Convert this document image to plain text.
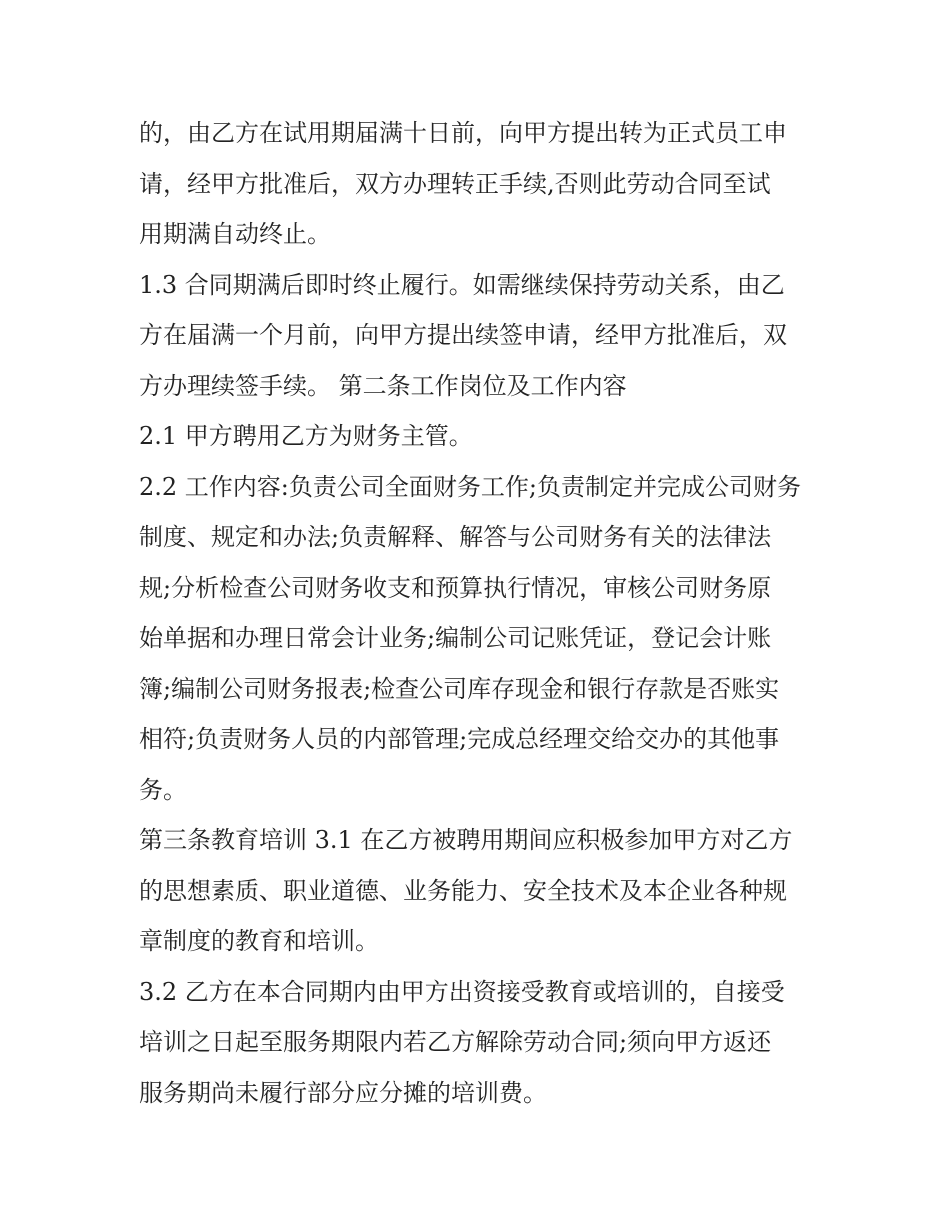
的，由乙方在试用期届满十日前，向甲方提出转为正式员工申
请，经甲方批准后，双方办理转正手续,否则此劳动合同至试
用期满自动终止。

1.3 合同期满后即时终止履行。如需继续保持劳动关系，由乙
方在届满一个月前，向甲方提出续签申请，经甲方批准后，双
方办理续签手续。 第二条工作岗位及工作内容

2.1 甲方聘用乙方为财务主管。

2.2 工作内容:负责公司全面财务工作;负责制定并完成公司财务
制度、规定和办法;负责解释、解答与公司财务有关的法律法
规;分析检查公司财务收支和预算执行情况，审核公司财务原
始单据和办理日常会计业务;编制公司记账凭证，登记会计账
簿;编制公司财务报表;检查公司库存现金和银行存款是否账实
相符;负责财务人员的内部管理;完成总经理交给交办的其他事
务。

第三条教育培训 3.1 在乙方被聘用期间应积极参加甲方对乙方
的思想素质、职业道德、业务能力、安全技术及本企业各种规
章制度的教育和培训。

3.2 乙方在本合同期内由甲方出资接受教育或培训的，自接受
培训之日起至服务期限内若乙方解除劳动合同;须向甲方返还
服务期尚未履行部分应分摊的培训费。
